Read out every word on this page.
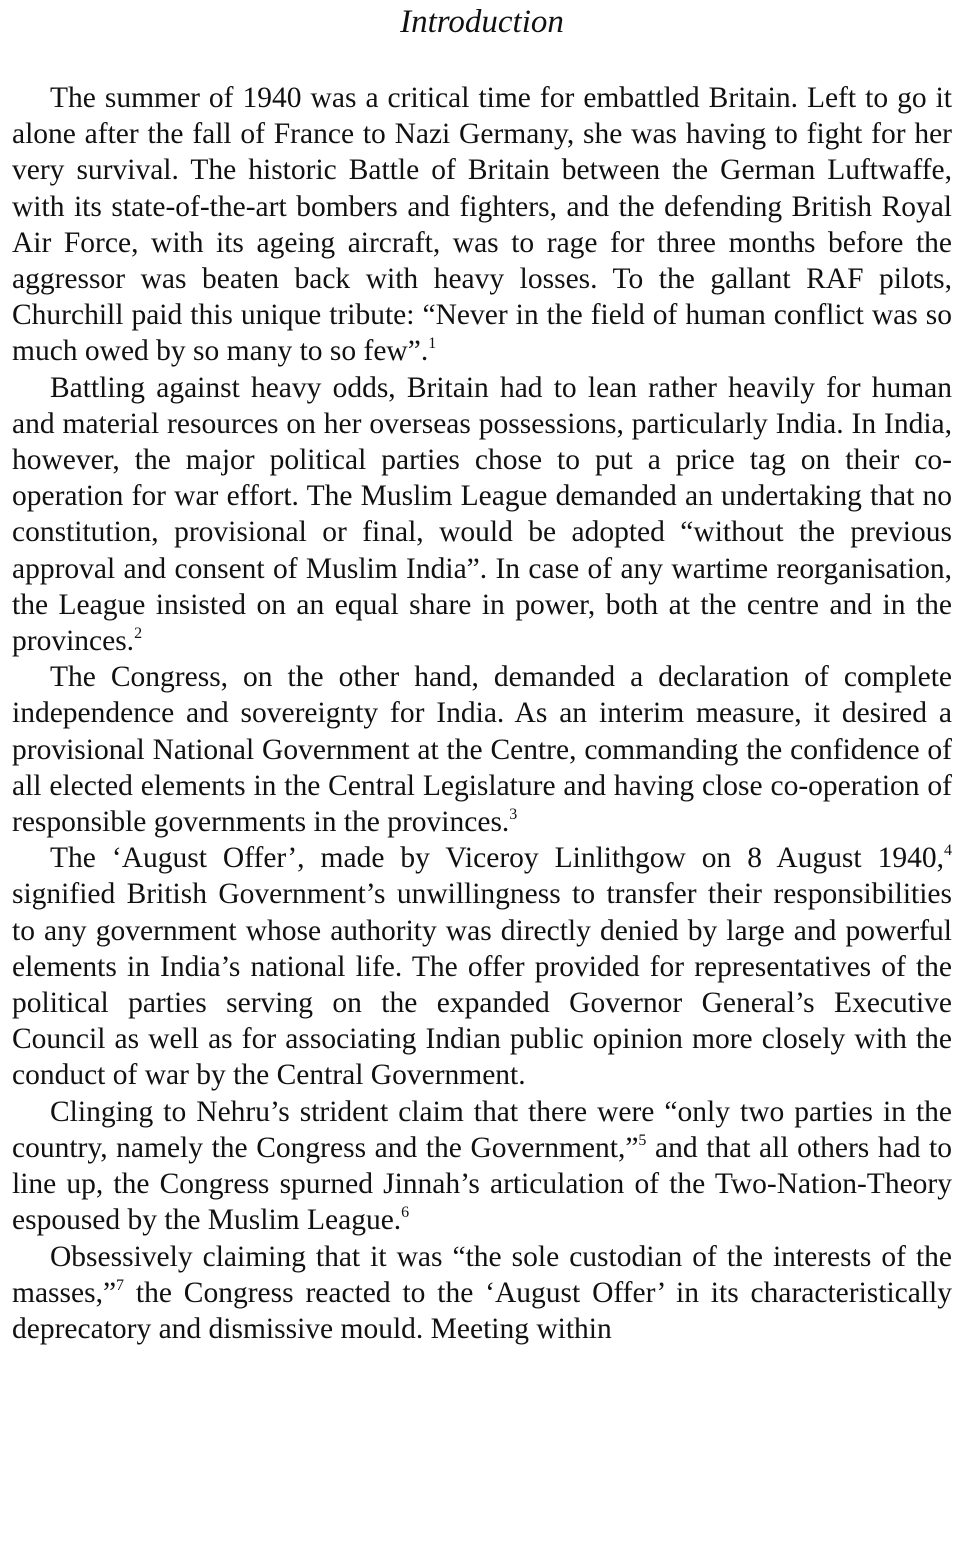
Introduction

The summer of 1940 was a critical time for embattled Britain. Left to go it alone after the fall of France to Nazi Germany, she was having to fight for her very survival. The historic Battle of Britain between the German Luftwaffe, with its state-of-the-art bombers and fighters, and the defending British Royal Air Force, with its ageing aircraft, was to rage for three months before the aggressor was beaten back with heavy losses. To the gallant RAF pilots, Churchill paid this unique tribute: “Never in the field of human conflict was so much owed by so many to so few”.$^1$

Battling against heavy odds, Britain had to lean rather heavily for human and material resources on her overseas possessions, particularly India. In India, however, the major political parties chose to put a price tag on their co-operation for war effort. The Muslim League demanded an undertaking that no constitution, provisional or final, would be adopted “without the previous approval and consent of Muslim India”. In case of any wartime reorganisation, the League insisted on an equal share in power, both at the centre and in the provinces.$^2$

The Congress, on the other hand, demanded a declaration of complete independence and sovereignty for India. As an interim measure, it desired a provisional National Government at the Centre, commanding the confidence of all elected elements in the Central Legislature and having close co-operation of responsible governments in the provinces.$^3$

The ‘August Offer’, made by Viceroy Linlithgow on 8 August 1940,$^4$ signified British Government’s unwillingness to transfer their responsibilities to any government whose authority was directly denied by large and powerful elements in India’s national life. The offer provided for representatives of the political parties serving on the expanded Governor General’s Executive Council as well as for associating Indian public opinion more closely with the conduct of war by the Central Government.

Clinging to Nehru’s strident claim that there were “only two parties in the country, namely the Congress and the Government,”$^5$ and that all others had to line up, the Congress spurned Jinnah’s articulation of the Two-Nation-Theory espoused by the Muslim League.$^6$

Obsessively claiming that it was “the sole custodian of the interests of the masses,”$^7$ the Congress reacted to the ‘August Offer’ in its characteristically deprecatory and dismissive mould. Meeting within
